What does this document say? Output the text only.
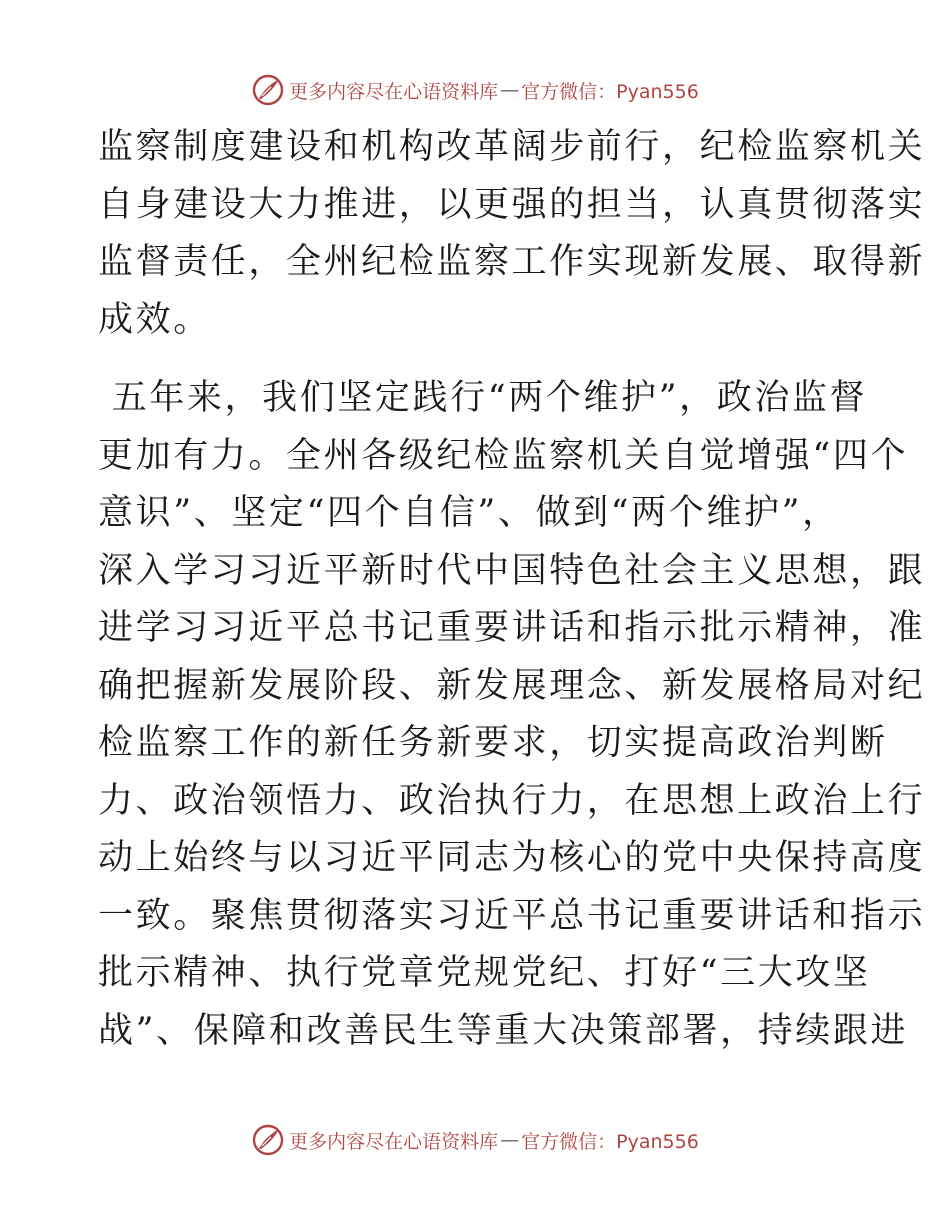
更多内容尽在心语资料库 — 官方微信：Pyan556

监察制度建设和机构改革阔步前行，纪检监察机关
自身建设大力推进，以更强的担当，认真贯彻落实
监督责任，全州纪检监察工作实现新发展、取得新
成效。

五年来，我们坚定践行“两个维护”，政治监督
更加有力。全州各级纪检监察机关自觉增强“四个
意识”、坚定“四个自信”、做到“两个维护”，
深入学习习近平新时代中国特色社会主义思想，跟
进学习习近平总书记重要讲话和指示批示精神，准
确把握新发展阶段、新发展理念、新发展格局对纪
检监察工作的新任务新要求，切实提高政治判断
力、政治领悟力、政治执行力，在思想上政治上行
动上始终与以习近平同志为核心的党中央保持高度
一致。聚焦贯彻落实习近平总书记重要讲话和指示
批示精神、执行党章党规党纪、打好“三大攻坚
战”、保障和改善民生等重大决策部署，持续跟进

更多内容尽在心语资料库 — 官方微信：Pyan556
